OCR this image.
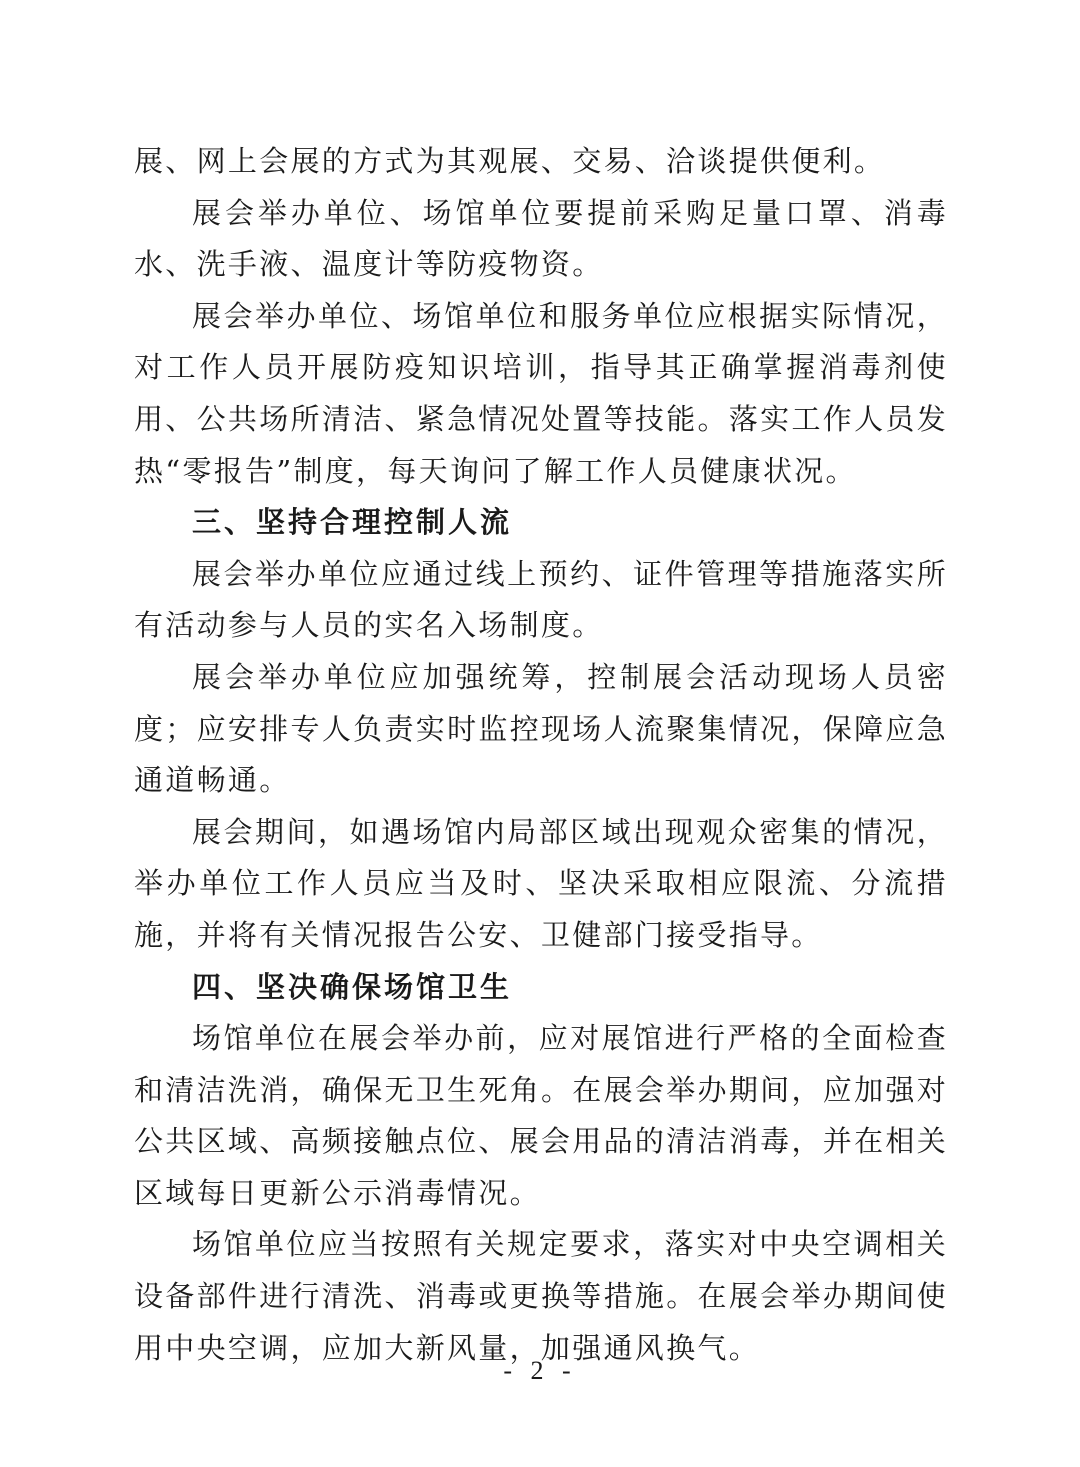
展、网上会展的方式为其观展、交易、洽谈提供便利。

展会举办单位、场馆单位要提前采购足量口罩、消毒水、洗手液、温度计等防疫物资。

展会举办单位、场馆单位和服务单位应根据实际情况，对工作人员开展防疫知识培训，指导其正确掌握消毒剂使用、公共场所清洁、紧急情况处置等技能。落实工作人员发热“零报告”制度，每天询问了解工作人员健康状况。

三、坚持合理控制人流

展会举办单位应通过线上预约、证件管理等措施落实所有活动参与人员的实名入场制度。

展会举办单位应加强统筹，控制展会活动现场人员密度；应安排专人负责实时监控现场人流聚集情况，保障应急通道畅通。

展会期间，如遇场馆内局部区域出现观众密集的情况，举办单位工作人员应当及时、坚决采取相应限流、分流措施，并将有关情况报告公安、卫健部门接受指导。

四、坚决确保场馆卫生

场馆单位在展会举办前，应对展馆进行严格的全面检查和清洁洗消，确保无卫生死角。在展会举办期间，应加强对公共区域、高频接触点位、展会用品的清洁消毒，并在相关区域每日更新公示消毒情况。

场馆单位应当按照有关规定要求，落实对中央空调相关设备部件进行清洗、消毒或更换等措施。在展会举办期间使用中央空调，应加大新风量，加强通风换气。

- 2 -
